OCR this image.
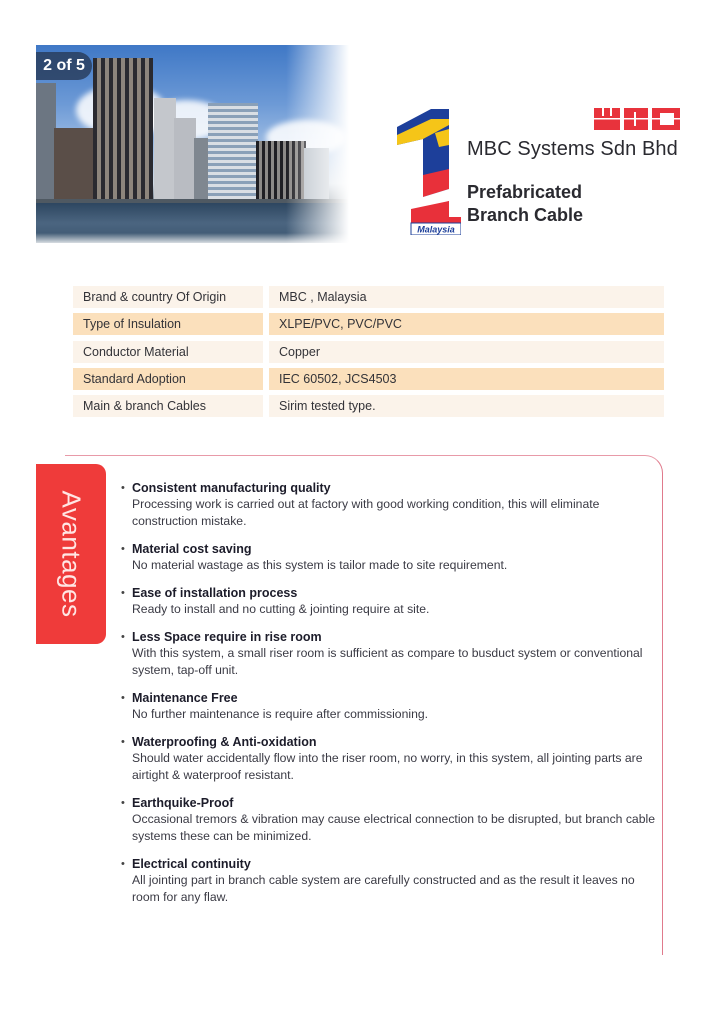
2 of 5
Malaysia
MBC Systems Sdn Bhd
Prefabricated
Branch Cable
Brand & country Of Origin	MBC , Malaysia
Type of Insulation	XLPE/PVC, PVC/PVC
Conductor Material	Copper
Standard Adoption	IEC 60502, JCS4503
Main & branch Cables	Sirim tested type.
Avantages
• Consistent manufacturing quality
Processing work is carried out at factory with good working condition, this will eliminate construction mistake.
• Material cost saving
No material wastage as this system is tailor made to site requirement.
• Ease of installation process
Ready to install and no cutting & jointing require at site.
• Less Space require in rise room
With this system, a small riser room is sufficient as compare to busduct system or conventional system, tap-off unit.
• Maintenance Free
No further maintenance is require after commissioning.
• Waterproofing & Anti-oxidation
Should water accidentally flow into the riser room, no worry, in this system, all jointing parts are airtight & waterproof resistant.
• Earthquike-Proof
Occasional tremors & vibration may cause electrical connection to be disrupted, but branch cable systems these can be minimized.
• Electrical continuity
All jointing part in branch cable system are carefully constructed and as the result it leaves no room for any flaw.
